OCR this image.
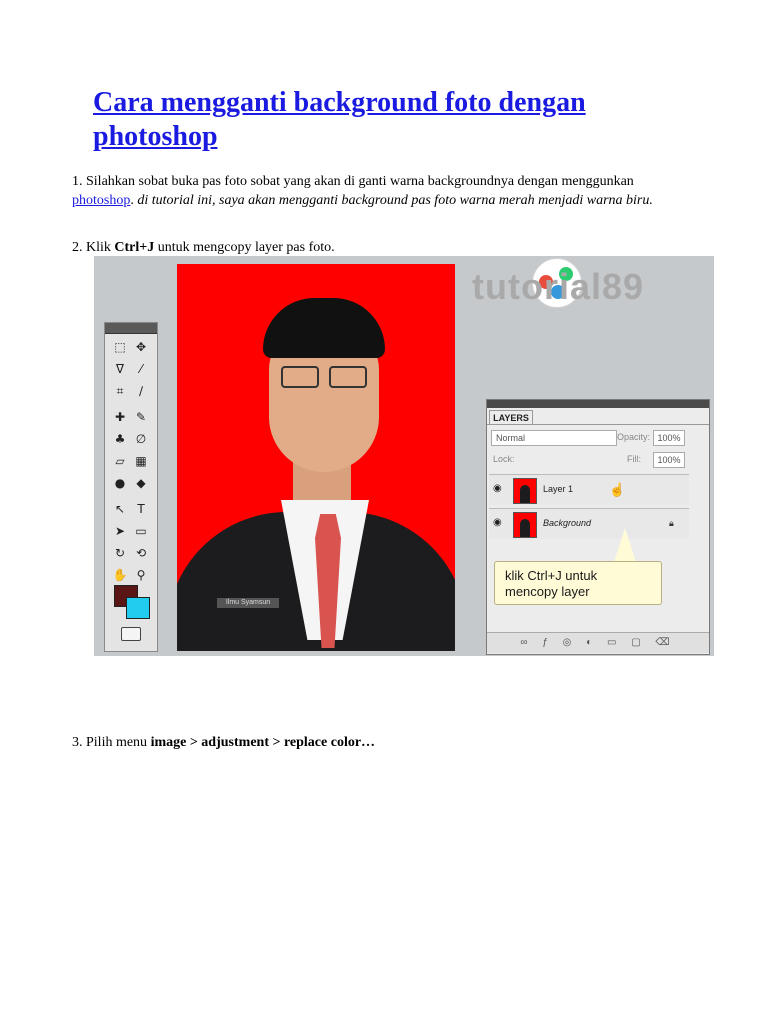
Cara mengganti background foto dengan photoshop

1. Silahkan sobat buka pas foto sobat yang akan di ganti warna backgroundnya dengan menggunkan photoshop. di tutorial ini, saya akan mengganti background pas foto warna merah menjadi warna biru.

2. Klik Ctrl+J untuk mengcopy layer pas foto.

tutorial89
⬚ ✥
ᐁ	⁄
⌗	∕
✚ ✎
♣ ∅
▱ ▦
● ◆
↖	T
➤ ▭
↻ ⟲
✋ ⚲
Ilmu Syamsun
LAYERS
Normal	Opacity: 100%
Lock:	Fill:	100%
◉	Layer 1	☝
◉	Background	🔒︎
∞ ƒ ◎ ◐ ▭ ▢ ⌫
klik Ctrl+J untuk mencopy layer

3. Pilih menu image > adjustment > replace color…
